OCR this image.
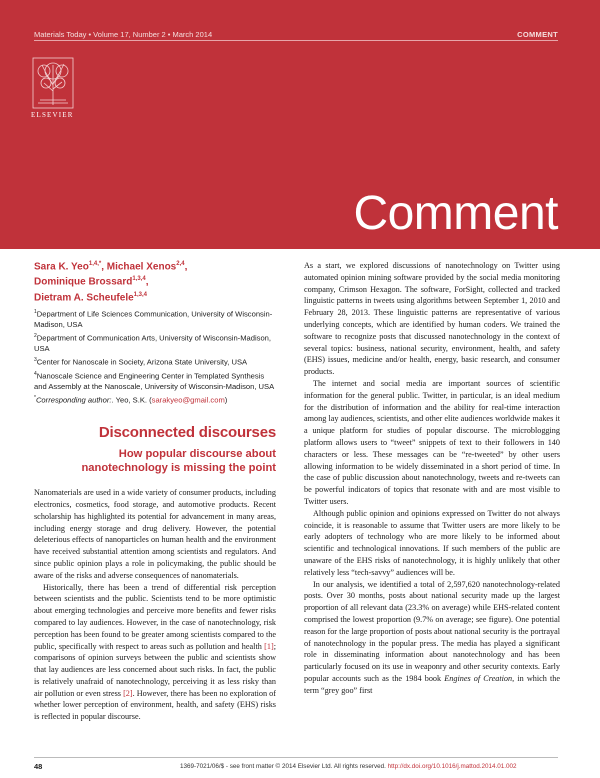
Materials Today • Volume 17, Number 2 • March 2014	COMMENT
ELSEVIER
Comment

Sara K. Yeo$^{1,4,*}$, Michael Xenos$^{2,4}$,

Dominique Brossard$^{1,3,4}$,

Dietram A. Scheufele$^{1,3,4}$

$^1$Department of Life Sciences Communication, University of Wisconsin-Madison, USA

$^2$Department of Communication Arts, University of Wisconsin-Madison, USA

$^3$Center for Nanoscale in Society, Arizona State University, USA

$^4$Nanoscale Science and Engineering Center in Templated Synthesis and Assembly at the Nanoscale, University of Wisconsin-Madison, USA

*Corresponding author:. Yeo, S.K. (sarakyeo@gmail.com)

Disconnected discourses
How popular discourse about nanotechnology is missing the point

Nanomaterials are used in a wide variety of consumer products, including electronics, cosmetics, food storage, and automotive products. Recent scholarship has highlighted its potential for advancement in many areas, including energy storage and drug delivery. However, the potential deleterious effects of nanoparticles on human health and the environment have received substantial attention among scientists and regulators. And since public opinion plays a role in policymaking, the public should be aware of the risks and adverse consequences of nanomaterials.

Historically, there has been a trend of differential risk perception between scientists and the public. Scientists tend to be more optimistic about emerging technologies and perceive more benefits and fewer risks compared to lay audiences. However, in the case of nanotechnology, risk perception has been found to be greater among scientists compared to the public, specifically with respect to areas such as pollution and health [1]; comparisons of opinion surveys between the public and scientists show that lay audiences are less concerned about such risks. In fact, the public is relatively unafraid of nanotechnology, perceiving it as less risky than air pollution or even stress [2]. However, there has been no exploration of whether lower perception of environment, health, and safety (EHS) risks is reflected in popular discourse.

As a start, we explored discussions of nanotechnology on Twitter using automated opinion mining software provided by the social media monitoring company, Crimson Hexagon. The software, ForSight, collected and tracked linguistic patterns in tweets using algorithms between September 1, 2010 and February 28, 2013. These linguistic patterns are representative of various underlying concepts, which are identified by human coders. We trained the software to recognize posts that discussed nanotechnology in the context of several topics: business, national security, environment, health, and safety (EHS) issues, medicine and/or health, energy, basic research, and consumer products.

The internet and social media are important sources of scientific information for the general public. Twitter, in particular, is an ideal medium for the distribution of information and the ability for real-time interaction among lay audiences, scientists, and other elite audiences worldwide makes it a unique platform for studies of popular discourse. The microblogging platform allows users to “tweet” snippets of text to their followers in 140 characters or less. These messages can be “re-tweeted” by other users allowing information to be widely disseminated in a short period of time. In the case of public discussion about nanotechnology, tweets and re-tweets can be powerful indicators of topics that resonate with and are most visible to Twitter users.

Although public opinion and opinions expressed on Twitter do not always coincide, it is reasonable to assume that Twitter users are more likely to be early adopters of technology who are more likely to be informed about scientific and technological innovations. If such members of the public are unaware of the EHS risks of nanotechnology, it is highly unlikely that other relatively less “tech-savvy” audiences will be.

In our analysis, we identified a total of 2,597,620 nanotechnology-related posts. Over 30 months, posts about national security made up the largest proportion of all relevant data (23.3% on average) while EHS-related content comprised the lowest proportion (9.7% on average; see figure). One potential reason for the large proportion of posts about national security is the portrayal of nanotechnology in the popular press. The media has played a significant role in disseminating information about nanotechnology and has been particularly focused on its use in weaponry and other security contexts. Early popular accounts such as the 1984 book Engines of Creation, in which the term “grey goo” first

48	1369-7021/06/$ - see front matter © 2014 Elsevier Ltd. All rights reserved. http://dx.doi.org/10.1016/j.mattod.2014.01.002
